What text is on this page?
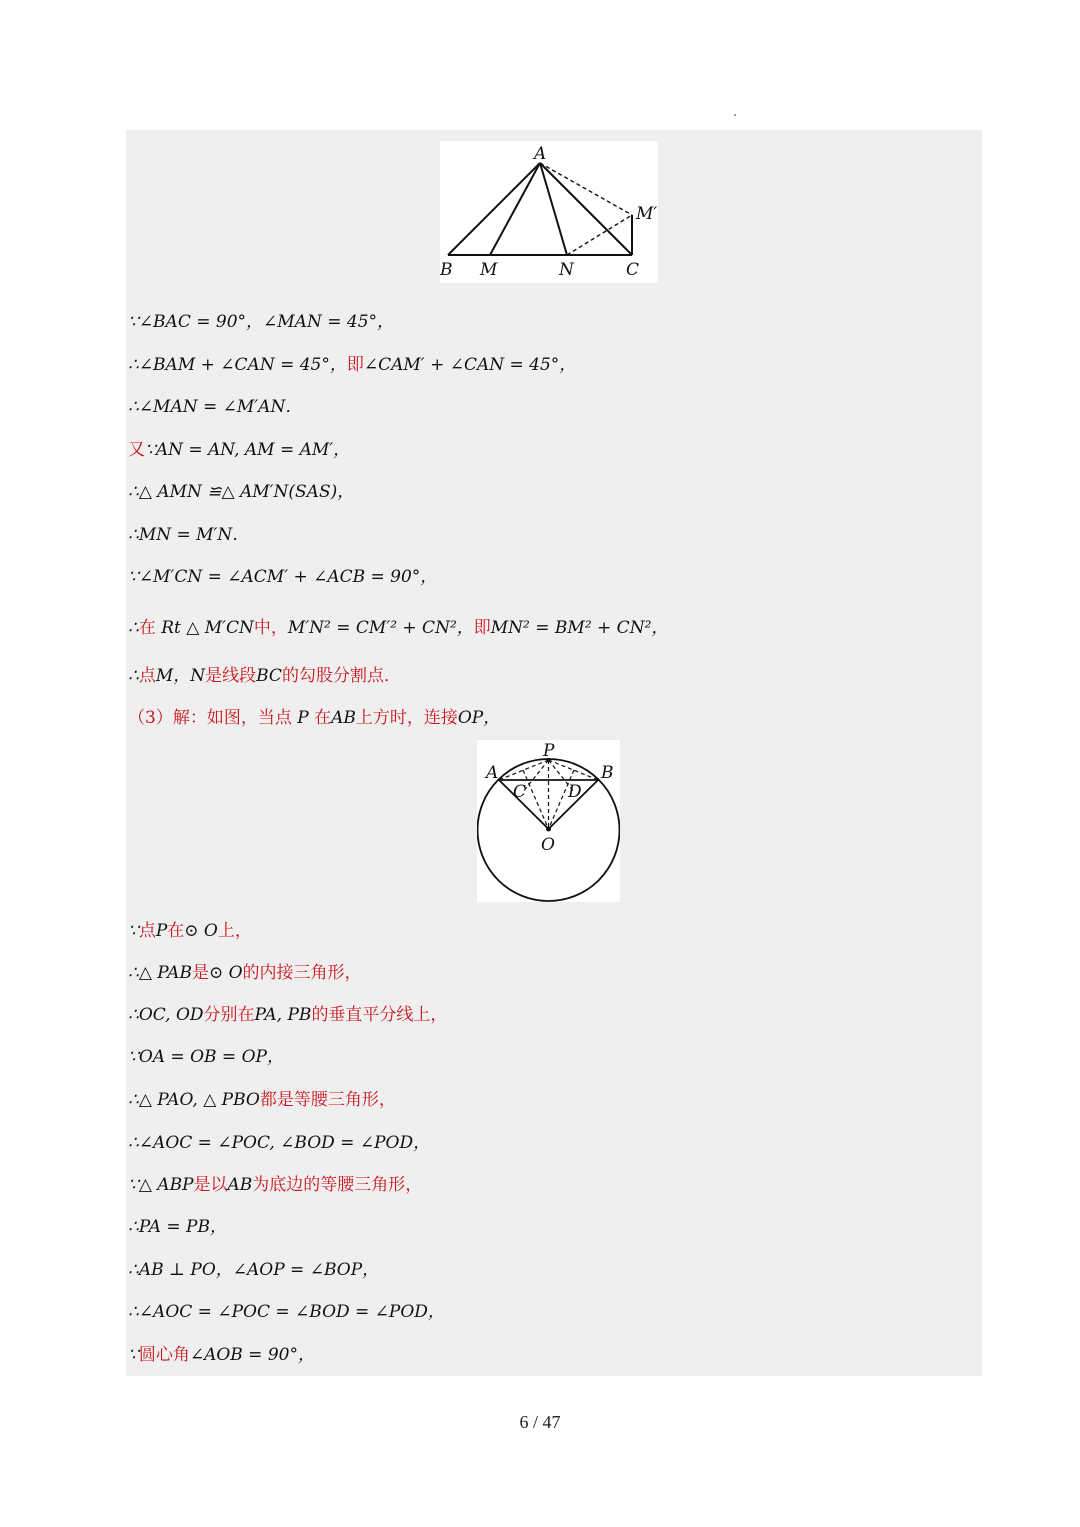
A
B M	N	C
M′
P
A	B
C D
O
∵∠BAC = 90°，∠MAN = 45°，
∴∠BAM + ∠CAN = 45°，即∠CAM′ + ∠CAN = 45°，
∴∠MAN = ∠M′AN．
又∵AN = AN, AM = AM′，
∴△ AMN ≌△ AM′N(SAS)，
∴MN = M′N．
∵∠M′CN = ∠ACM′ + ∠ACB = 90°，
∴在 Rt △ M′CN中，M′N² = CM′² + CN²，即MN² = BM² + CN²，
∴点M，N是线段BC的勾股分割点．
（3）解：如图，当点 P 在AB上方时，连接OP，
∵点P在⊙ O上，
∴△ PAB是⊙ O的内接三角形，
∴OC, OD分别在PA, PB的垂直平分线上，
∵OA = OB = OP，
∴△ PAO, △ PBO都是等腰三角形，
∴∠AOC = ∠POC, ∠BOD = ∠POD，
∵△ ABP是以AB为底边的等腰三角形，
∴PA = PB，
∴AB ⊥ PO，∠AOP = ∠BOP，
∴∠AOC = ∠POC = ∠BOD = ∠POD，
∵圆心角∠AOB = 90°，
6 / 47
